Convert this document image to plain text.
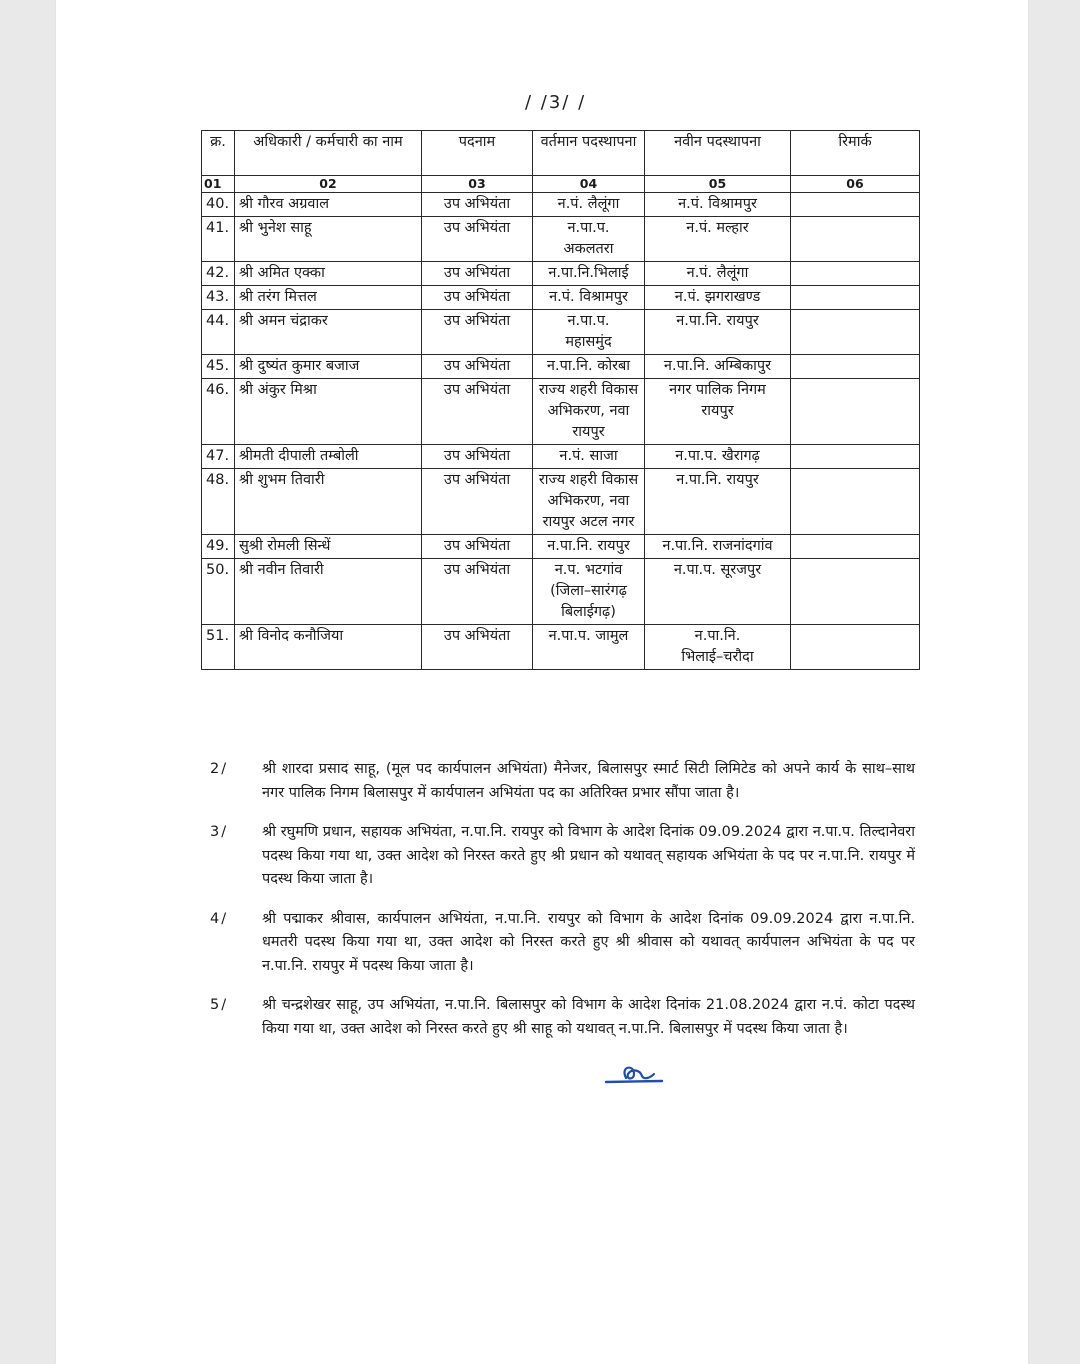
/ /3/ /
क्र.	अधिकारी / कर्मचारी का नाम	पदनाम	वर्तमान पदस्थापना	नवीन पदस्थापना	रिमार्क
01	02	03	04	05	06
40.	श्री गौरव अग्रवाल	उप अभियंता	न.पं. लैलूंगा	न.पं. विश्रामपुर	
41.	श्री भुनेश साहू	उप अभियंता	न.पा.प. अकलतरा	न.पं. मल्हार	
42.	श्री अमित एक्का	उप अभियंता	न.पा.नि.भिलाई	न.पं. लैलूंगा	
43.	श्री तरंग मित्तल	उप अभियंता	न.पं. विश्रामपुर	न.पं. झगराखण्ड	
44.	श्री अमन चंद्राकर	उप अभियंता	न.पा.प. महासमुंद	न.पा.नि. रायपुर	
45.	श्री दुष्यंत कुमार बजाज	उप अभियंता	न.पा.नि. कोरबा	न.पा.नि. अम्बिकापुर	
46.	श्री अंकुर मिश्रा	उप अभियंता	राज्य शहरी विकास अभिकरण, नवा रायपुर	नगर पालिक निगम रायपुर	
47.	श्रीमती दीपाली तम्बोली	उप अभियंता	न.पं. साजा	न.पा.प. खैरागढ़	
48.	श्री शुभम तिवारी	उप अभियंता	राज्य शहरी विकास अभिकरण, नवा रायपुर अटल नगर	न.पा.नि. रायपुर	
49.	सुश्री रोमली सिन्धें	उप अभियंता	न.पा.नि. रायपुर	न.पा.नि. राजनांदगांव	
50.	श्री नवीन तिवारी	उप अभियंता	न.प. भटगांव (जिला–सारंगढ़ बिलाईगढ़)	न.पा.प. सूरजपुर	
51.	श्री विनोद कनौजिया	उप अभियंता	न.पा.प. जामुल	न.पा.नि. भिलाई–चरौदा	
2/	श्री शारदा प्रसाद साहू, (मूल पद कार्यपालन अभियंता) मैनेजर, बिलासपुर स्मार्ट सिटी लिमिटेड को अपने कार्य के साथ–साथ नगर पालिक निगम बिलासपुर में कार्यपालन अभियंता पद का अतिरिक्त प्रभार सौंपा जाता है।
3/	श्री रघुमणि प्रधान, सहायक अभियंता, न.पा.नि. रायपुर को विभाग के आदेश दिनांक 09.09.2024 द्वारा न.पा.प. तिल्दानेवरा पदस्थ किया गया था, उक्त आदेश को निरस्त करते हुए श्री प्रधान को यथावत् सहायक अभियंता के पद पर न.पा.नि. रायपुर में पदस्थ किया जाता है।
4/	श्री पद्माकर श्रीवास, कार्यपालन अभियंता, न.पा.नि. रायपुर को विभाग के आदेश दिनांक 09.09.2024 द्वारा न.पा.नि. धमतरी पदस्थ किया गया था, उक्त आदेश को निरस्त करते हुए श्री श्रीवास को यथावत् कार्यपालन अभियंता के पद पर न.पा.नि. रायपुर में पदस्थ किया जाता है।
5/	श्री चन्द्रशेखर साहू, उप अभियंता, न.पा.नि. बिलासपुर को विभाग के आदेश दिनांक 21.08.2024 द्वारा न.पं. कोटा पदस्थ किया गया था, उक्त आदेश को निरस्त करते हुए श्री साहू को यथावत् न.पा.नि. बिलासपुर में पदस्थ किया जाता है।
